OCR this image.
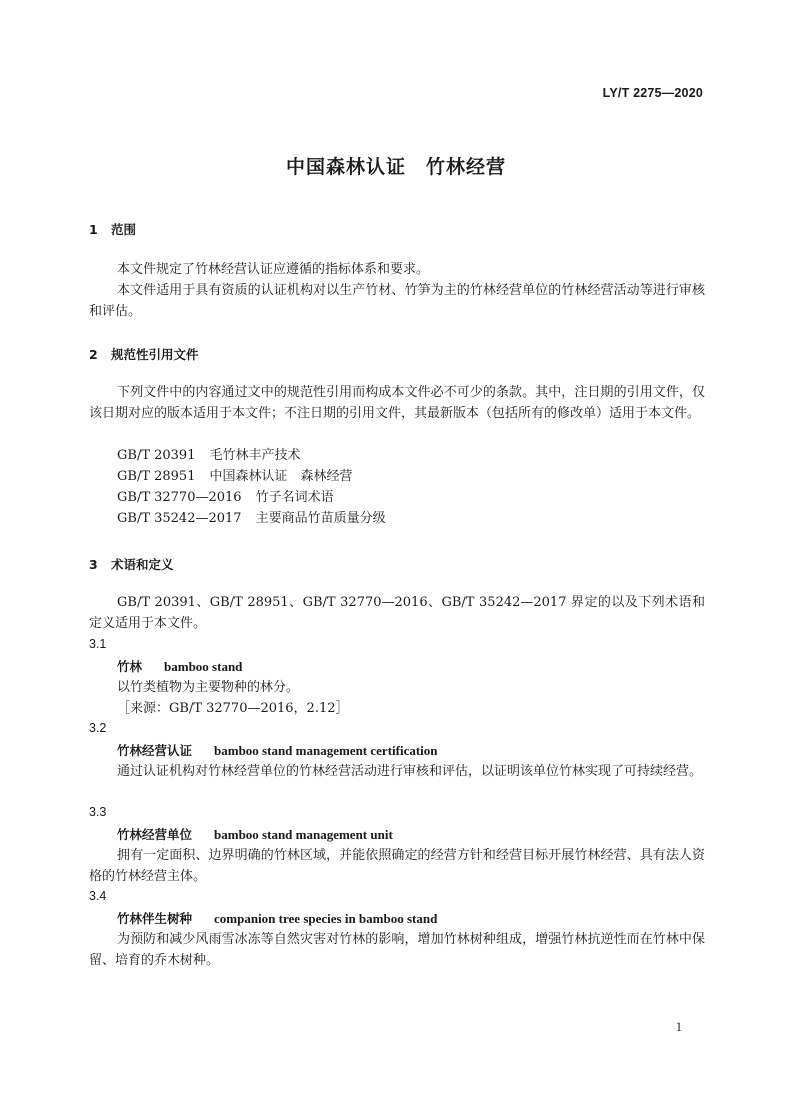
LY/T 2275—2020
中国森林认证　竹林经营
1 范围

本文件规定了竹林经营认证应遵循的指标体系和要求。

本文件适用于具有资质的认证机构对以生产竹材、竹笋为主的竹林经营单位的竹林经营活动等进行审核和评估。

2 规范性引用文件

下列文件中的内容通过文中的规范性引用而构成本文件必不可少的条款。其中，注日期的引用文件，仅该日期对应的版本适用于本文件；不注日期的引用文件，其最新版本（包括所有的修改单）适用于本文件。

GB/T 20391 毛竹林丰产技术
GB/T 28951 中国森林认证　森林经营
GB/T 32770—2016 竹子名词术语
GB/T 35242—2017 主要商品竹苗质量分级
3 术语和定义

GB/T 20391、GB/T 28951、GB/T 32770—2016、GB/T 35242—2017 界定的以及下列术语和定义适用于本文件。

3.1
竹林 bamboo stand
以竹类植物为主要物种的林分。
［来源：GB/T 32770—2016，2.12］
3.2
竹林经营认证 bamboo stand management certification

通过认证机构对竹林经营单位的竹林经营活动进行审核和评估，以证明该单位竹林实现了可持续经营。

3.3
竹林经营单位 bamboo stand management unit

拥有一定面积、边界明确的竹林区域，并能依照确定的经营方针和经营目标开展竹林经营、具有法人资格的竹林经营主体。

3.4
竹林伴生树种 companion tree species in bamboo stand

为预防和减少风雨雪冰冻等自然灾害对竹林的影响，增加竹林树种组成，增强竹林抗逆性而在竹林中保留、培育的乔木树种。

1
